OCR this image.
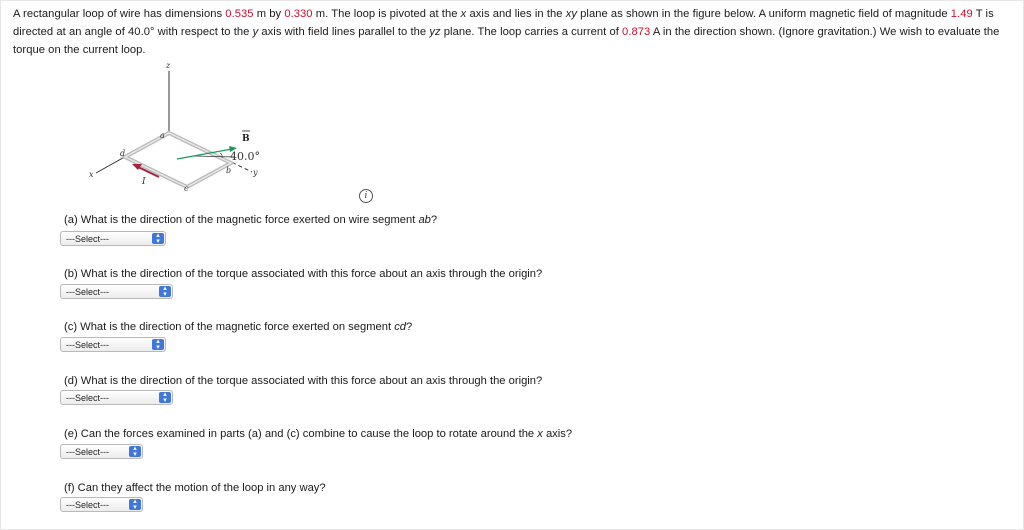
A rectangular loop of wire has dimensions 0.535 m by 0.330 m. The loop is pivoted at the x axis and lies in the xy plane as shown in the figure below. A uniform magnetic field of magnitude 1.49 T is directed at an angle of 40.0° with respect to the y axis with field lines parallel to the yz plane. The loop carries a current of 0.873 A in the direction shown. (Ignore gravitation.) We wish to evaluate the torque on the current loop.
z
x	y
a
d
c
b
I
B
40.0°
i
(a) What is the direction of the magnetic force exerted on wire segment ab?
---Select---	▴
▾
(b) What is the direction of the torque associated with this force about an axis through the origin?
---Select---	▴
▾
(c) What is the direction of the magnetic force exerted on segment cd?
---Select---	▴
▾
(d) What is the direction of the torque associated with this force about an axis through the origin?
---Select---	▴
▾
(e) Can the forces examined in parts (a) and (c) combine to cause the loop to rotate around the x axis?
---Select---	▴
▾
(f) Can they affect the motion of the loop in any way?
---Select---	▴
▾
